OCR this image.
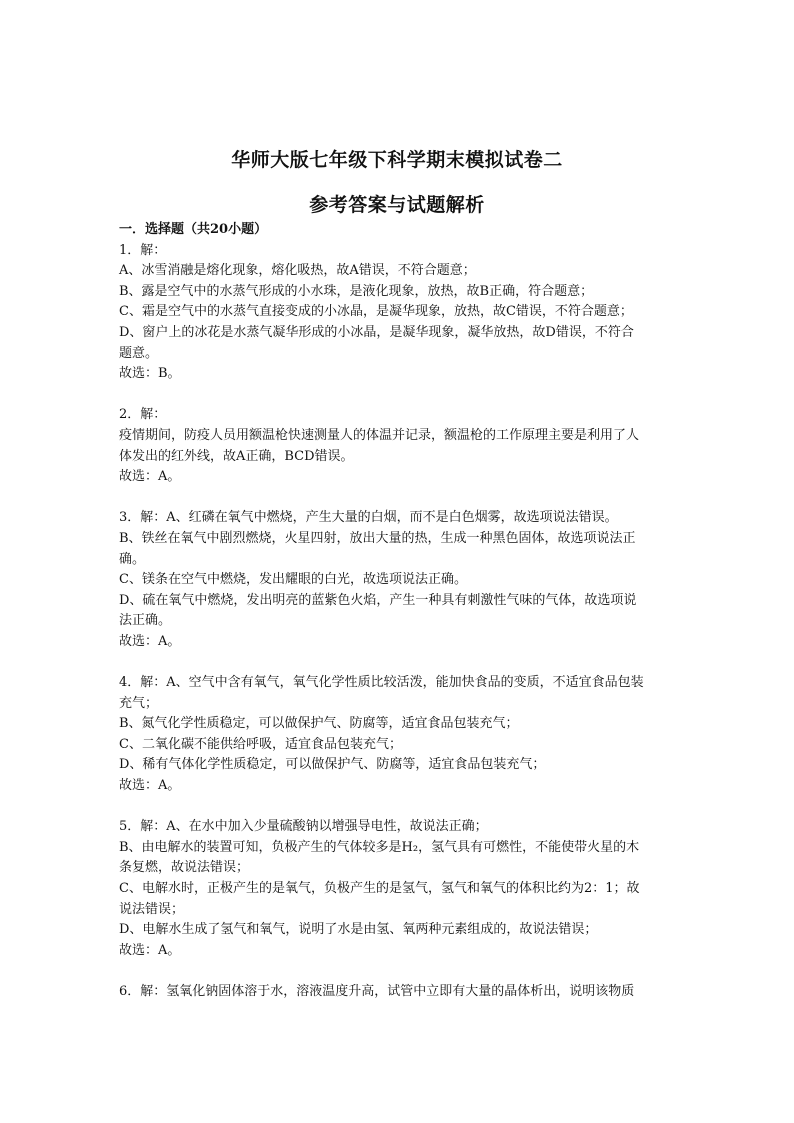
华师大版七年级下科学期末模拟试卷二
参考答案与试题解析
一．选择题（共20小题）
1．解：
A、冰雪消融是熔化现象，熔化吸热，故A错误，不符合题意；
B、露是空气中的水蒸气形成的小水珠，是液化现象，放热，故B正确，符合题意；
C、霜是空气中的水蒸气直接变成的小冰晶，是凝华现象，放热，故C错误，不符合题意；
D、窗户上的冰花是水蒸气凝华形成的小冰晶，是凝华现象，凝华放热，故D错误，不符合
题意。
故选：B。
2．解：
疫情期间，防疫人员用额温枪快速测量人的体温并记录，额温枪的工作原理主要是利用了人
体发出的红外线，故A正确，BCD错误。
故选：A。
3．解：A、红磷在氧气中燃烧，产生大量的白烟，而不是白色烟雾，故选项说法错误。
B、铁丝在氧气中剧烈燃烧，火星四射，放出大量的热，生成一种黑色固体，故选项说法正
确。
C、镁条在空气中燃烧，发出耀眼的白光，故选项说法正确。
D、硫在氧气中燃烧，发出明亮的蓝紫色火焰，产生一种具有刺激性气味的气体，故选项说
法正确。
故选：A。
4．解：A、空气中含有氧气，氧气化学性质比较活泼，能加快食品的变质，不适宜食品包装
充气；
B、氮气化学性质稳定，可以做保护气、防腐等，适宜食品包装充气；
C、二氧化碳不能供给呼吸，适宜食品包装充气；
D、稀有气体化学性质稳定，可以做保护气、防腐等，适宜食品包装充气；
故选：A。
5．解：A、在水中加入少量硫酸钠以增强导电性，故说法正确；
B、由电解水的装置可知，负极产生的气体较多是H₂，氢气具有可燃性，不能使带火星的木
条复燃，故说法错误；
C、电解水时，正极产生的是氧气，负极产生的是氢气，氢气和氧气的体积比约为2：1；故
说法错误；
D、电解水生成了氢气和氧气，说明了水是由氢、氧两种元素组成的，故说法错误；
故选：A。
6．解：氢氧化钠固体溶于水，溶液温度升高，试管中立即有大量的晶体析出，说明该物质
